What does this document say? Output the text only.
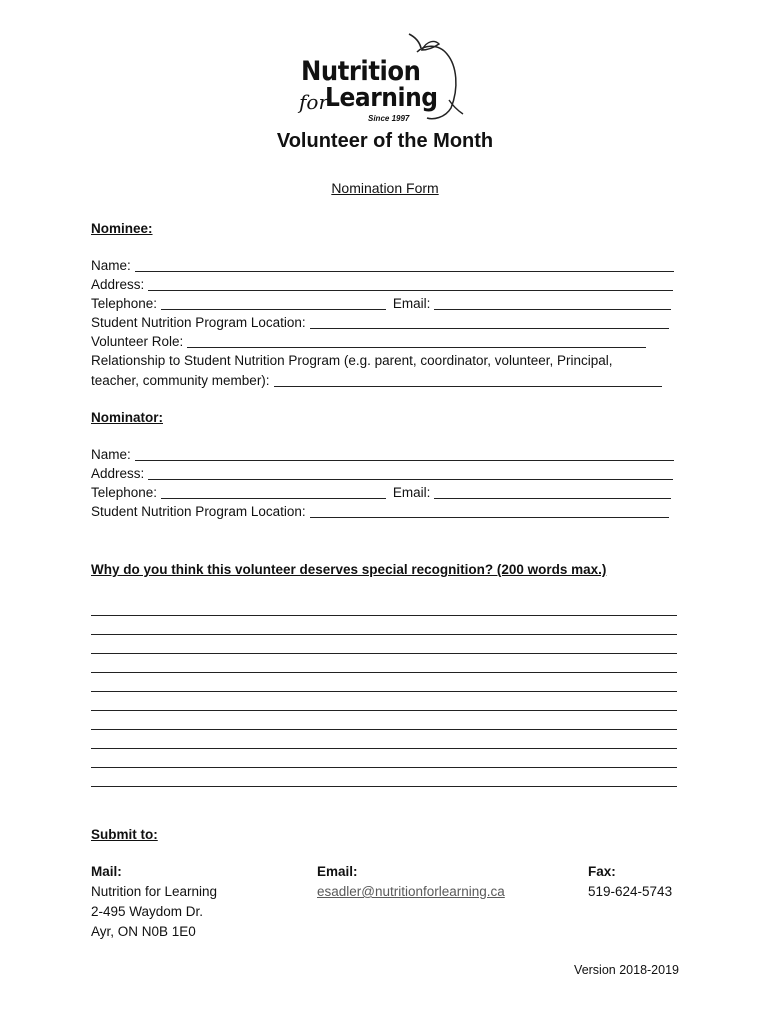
Nutrition
for
Learning
Since 1997
Volunteer of the Month
Nomination Form
Nominee:
Name:
Address:
Telephone:	Email:
Student Nutrition Program Location:
Volunteer Role:
Relationship to Student Nutrition Program (e.g. parent, coordinator, volunteer, Principal,
teacher, community member):
Nominator:
Name:
Address:
Telephone:	Email:
Student Nutrition Program Location:
Why do you think this volunteer deserves special recognition? (200 words max.)
Submit to:
Mail:
Nutrition for Learning
2-495 Waydom Dr.
Ayr, ON N0B 1E0
Email:
esadler@nutritionforlearning.ca
Fax:
519-624-5743
Version 2018-2019
